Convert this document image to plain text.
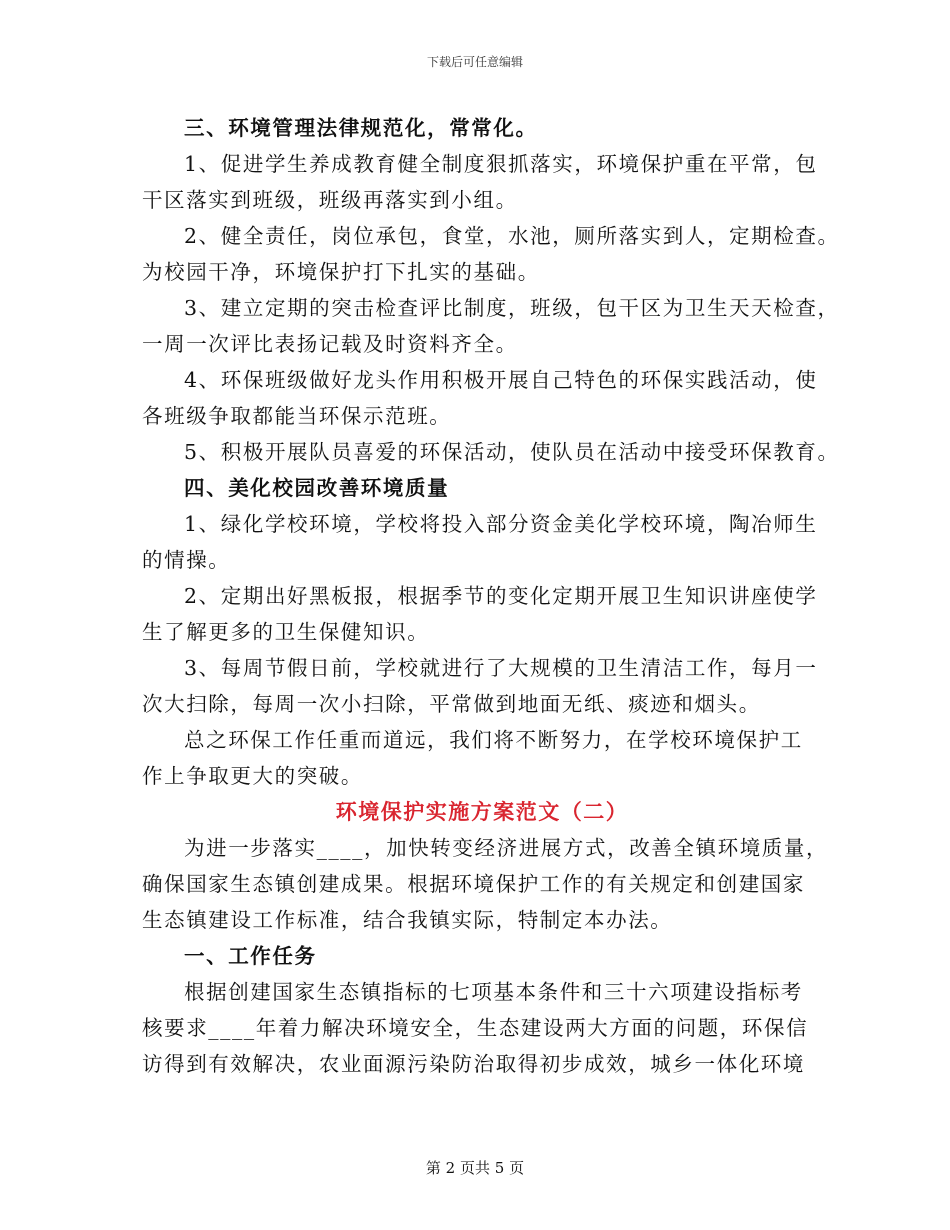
下载后可任意编辑
三、环境管理法律规范化，常常化。
1、促进学生养成教育健全制度狠抓落实，环境保护重在平常，包
干区落实到班级，班级再落实到小组。
2、健全责任，岗位承包，食堂，水池，厕所落实到人，定期检查。
为校园干净，环境保护打下扎实的基础。
3、建立定期的突击检查评比制度，班级，包干区为卫生天天检查，
一周一次评比表扬记载及时资料齐全。
4、环保班级做好龙头作用积极开展自己特色的环保实践活动，使
各班级争取都能当环保示范班。
5、积极开展队员喜爱的环保活动，使队员在活动中接受环保教育。
四、美化校园改善环境质量
1、绿化学校环境，学校将投入部分资金美化学校环境，陶冶师生
的情操。
2、定期出好黑板报，根据季节的变化定期开展卫生知识讲座使学
生了解更多的卫生保健知识。
3、每周节假日前，学校就进行了大规模的卫生清洁工作，每月一
次大扫除，每周一次小扫除，平常做到地面无纸、痰迹和烟头。
总之环保工作任重而道远，我们将不断努力，在学校环境保护工
作上争取更大的突破。
环境保护实施方案范文（二）
为进一步落实____，加快转变经济进展方式，改善全镇环境质量，
确保国家生态镇创建成果。根据环境保护工作的有关规定和创建国家
生态镇建设工作标准，结合我镇实际，特制定本办法。
一、工作任务
根据创建国家生态镇指标的七项基本条件和三十六项建设指标考
核要求____年着力解决环境安全，生态建设两大方面的问题，环保信
访得到有效解决，农业面源污染防治取得初步成效，城乡一体化环境
第 2 页共 5 页
